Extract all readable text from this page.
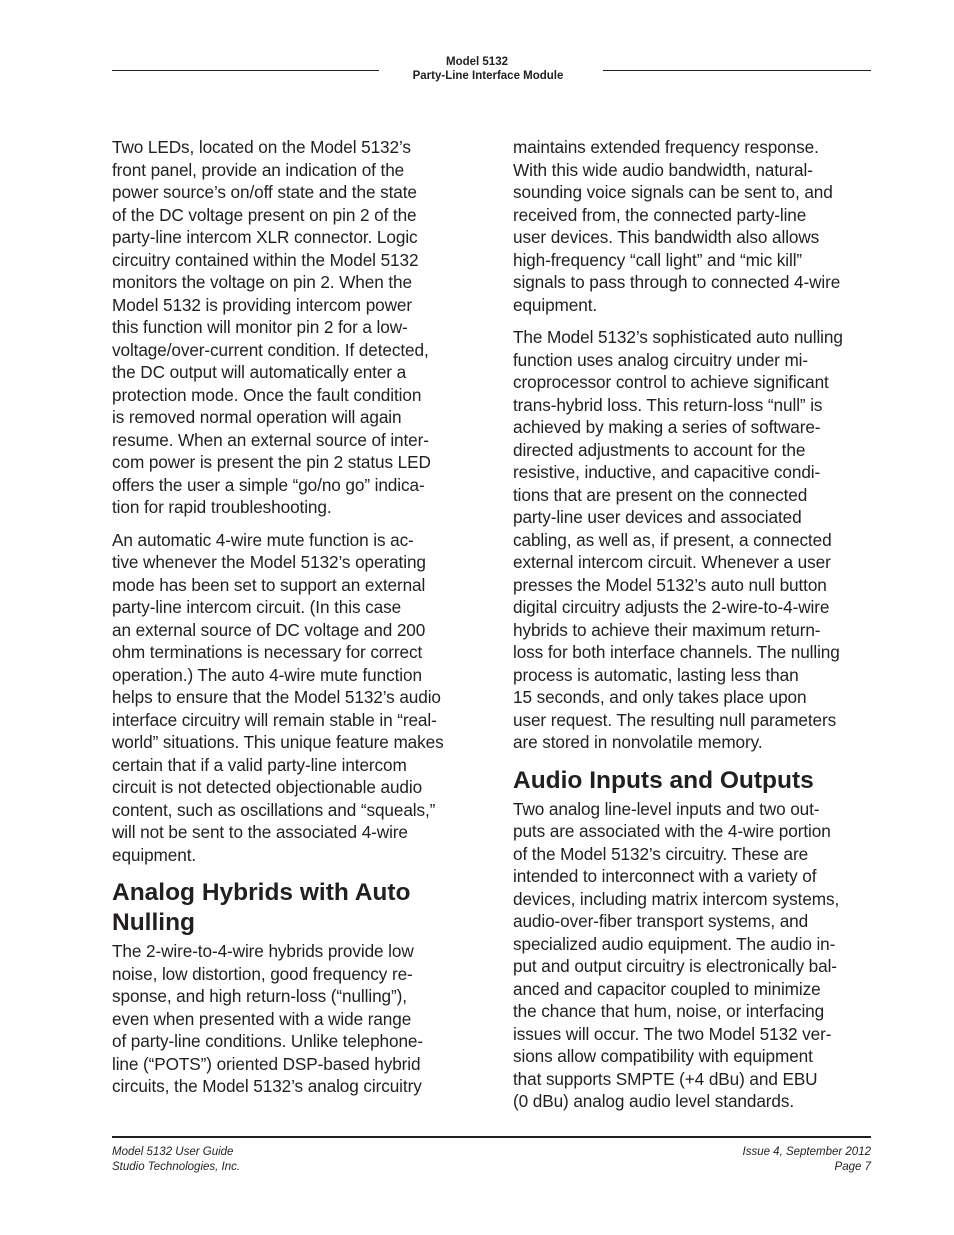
Model 5132
Party-Line Interface Module

Two LEDs, located on the Model 5132’s
front panel, provide an indication of the
power source’s on/off state and the state
of the DC voltage present on pin 2 of the
party-line intercom XLR connector. Logic
circuitry contained within the Model 5132
monitors the voltage on pin 2. When the
Model 5132 is providing intercom power
this function will monitor pin 2 for a low-
voltage/over-current condition. If detected,
the DC output will automatically enter a
protection mode. Once the fault condition
is removed normal operation will again
resume. When an external source of inter-
com power is present the pin 2 status LED
offers the user a simple “go/no go” indica-
tion for rapid troubleshooting.

An automatic 4-wire mute function is ac-
tive whenever the Model 5132’s operating
mode has been set to support an external
party-line intercom circuit. (In this case
an external source of DC voltage and 200
ohm terminations is necessary for correct
operation.) The auto 4-wire mute function
helps to ensure that the Model 5132’s audio
interface circuitry will remain stable in “real-
world” situations. This unique feature makes
certain that if a valid party-line intercom
circuit is not detected objectionable audio
content, such as oscillations and “squeals,”
will not be sent to the associated 4-wire
equipment.

Analog Hybrids with Auto
Nulling

The 2-wire-to-4-wire hybrids provide low
noise, low distortion, good frequency re-
sponse, and high return-loss (“nulling”),
even when presented with a wide range
of party-line conditions. Unlike telephone-
line (“POTS”) oriented DSP-based hybrid
circuits, the Model 5132’s analog circuitry

maintains extended frequency response.
With this wide audio bandwidth, natural-
sounding voice signals can be sent to, and
received from, the connected party-line
user devices. This bandwidth also allows
high-frequency “call light” and “mic kill”
signals to pass through to connected 4-wire
equipment.

The Model 5132’s sophisticated auto nulling
function uses analog circuitry under mi-
croprocessor control to achieve significant
trans-hybrid loss. This return-loss “null” is
achieved by making a series of software-
directed adjustments to account for the
resistive, inductive, and capacitive condi-
tions that are present on the connected
party-line user devices and associated
cabling, as well as, if present, a connected
external intercom circuit. Whenever a user
presses the Model 5132’s auto null button
digital circuitry adjusts the 2-wire-to-4-wire
hybrids to achieve their maximum return-
loss for both interface channels. The nulling
process is automatic, lasting less than
15 seconds, and only takes place upon
user request. The resulting null parameters
are stored in nonvolatile memory.

Audio Inputs and Outputs

Two analog line-level inputs and two out-
puts are associated with the 4-wire portion
of the Model 5132’s circuitry. These are
intended to interconnect with a variety of
devices, including matrix intercom systems,
audio-over-fiber transport systems, and
specialized audio equipment. The audio in-
put and output circuitry is electronically bal-
anced and capacitor coupled to minimize
the chance that hum, noise, or interfacing
issues will occur. The two Model 5132 ver-
sions allow compatibility with equipment
that supports SMPTE (+4 dBu) and EBU
(0 dBu) analog audio level standards.

Model 5132 User Guide
Studio Technologies, Inc.
Issue 4, September 2012
Page 7
